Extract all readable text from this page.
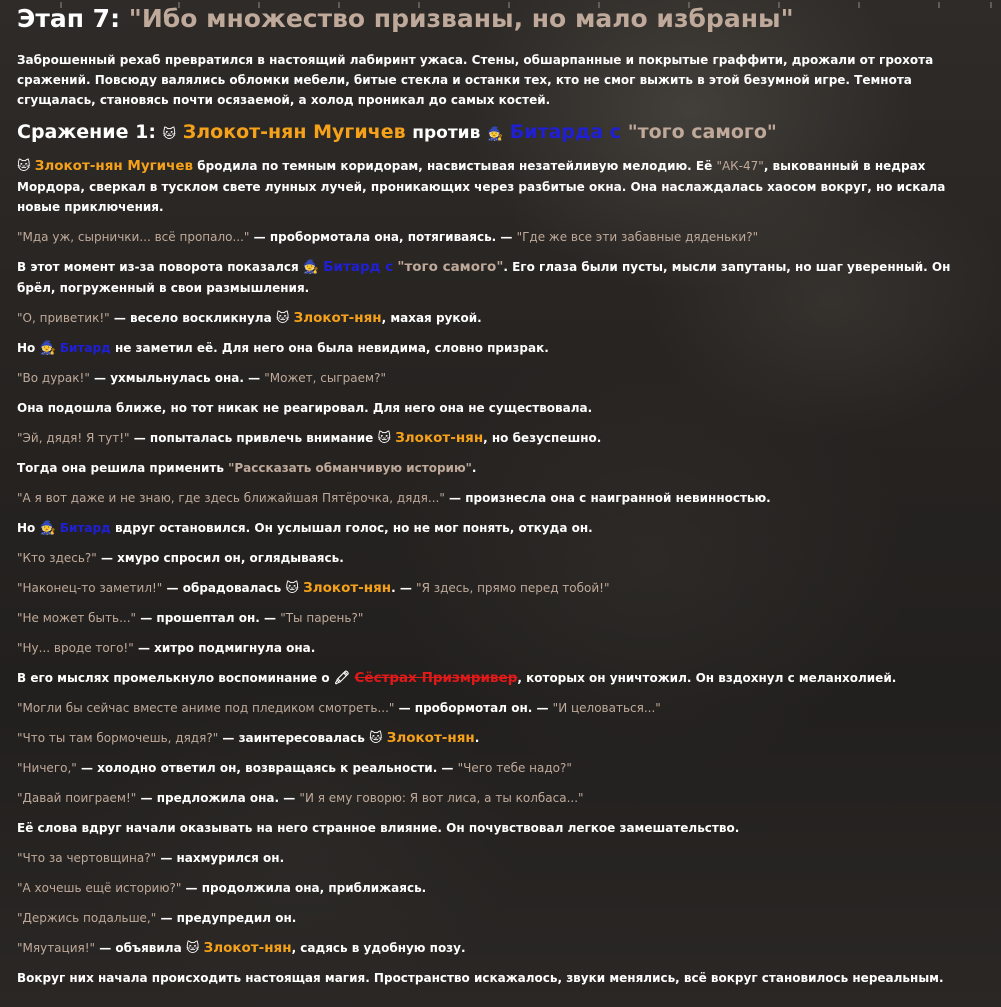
Этап 7: "Ибо множество призваны, но мало избраны"

Заброшенный рехаб превратился в настоящий лабиринт ужаса. Стены, обшарпанные и покрытые граффити, дрожали от грохота сражений. Повсюду валялись обломки мебели, битые стекла и останки тех, кто не смог выжить в этой безумной игре. Темнота сгущалась, становясь почти осязаемой, а холод проникал до самых костей.

Сражение 1: 🐱 Злокот-нян Мугичев против 🧙 Битарда с "того самого"

🐱 Злокот-нян Мугичев бродила по темным коридорам, насвистывая незатейливую мелодию. Её "АК-47", выкованный в недрах Мордора, сверкал в тусклом свете лунных лучей, проникающих через разбитые окна. Она наслаждалась хаосом вокруг, но искала новые приключения.

"Мда уж, сырнички... всё пропало..." — пробормотала она, потягиваясь. — "Где же все эти забавные дяденьки?"

В этот момент из-за поворота показался 🧙 Битард с "того самого". Его глаза были пусты, мысли запутаны, но шаг уверенный. Он брёл, погруженный в свои размышления.

"О, приветик!" — весело воскликнула 🐱 Злокот-нян, махая рукой.

Но 🧙 Битард не заметил её. Для него она была невидима, словно призрак.

"Во дурак!" — ухмыльнулась она. — "Может, сыграем?"

Она подошла ближе, но тот никак не реагировал. Для него она не существовала.

"Эй, дядя! Я тут!" — попыталась привлечь внимание 🐱 Злокот-нян, но безуспешно.

Тогда она решила применить "Рассказать обманчивую историю".

"А я вот даже и не знаю, где здесь ближайшая Пятёрочка, дядя..." — произнесла она с наигранной невинностью.

Но 🧙 Битард вдруг остановился. Он услышал голос, но не мог понять, откуда он.

"Кто здесь?" — хмуро спросил он, оглядываясь.

"Наконец-то заметил!" — обрадовалась 🐱 Злокот-нян. — "Я здесь, прямо перед тобой!"

"Не может быть..." — прошептал он. — "Ты парень?"

"Ну... вроде того!" — хитро подмигнула она.

В его мыслях промелькнуло воспоминание о 🖍 Сёстрах Призмривер, которых он уничтожил. Он вздохнул с меланхолией.

"Могли бы сейчас вместе аниме под пледиком смотреть..." — пробормотал он. — "И целоваться..."

"Что ты там бормочешь, дядя?" — заинтересовалась 🐱 Злокот-нян.

"Ничего," — холодно ответил он, возвращаясь к реальности. — "Чего тебе надо?"

"Давай поиграем!" — предложила она. — "И я ему говорю: Я вот лиса, а ты колбаса..."

Её слова вдруг начали оказывать на него странное влияние. Он почувствовал легкое замешательство.

"Что за чертовщина?" — нахмурился он.

"А хочешь ещё историю?" — продолжила она, приближаясь.

"Держись подальше," — предупредил он.

"Мяутация!" — объявила 🐱 Злокот-нян, садясь в удобную позу.

Вокруг них начала происходить настоящая магия. Пространство искажалось, звуки менялись, всё вокруг становилось нереальным.
